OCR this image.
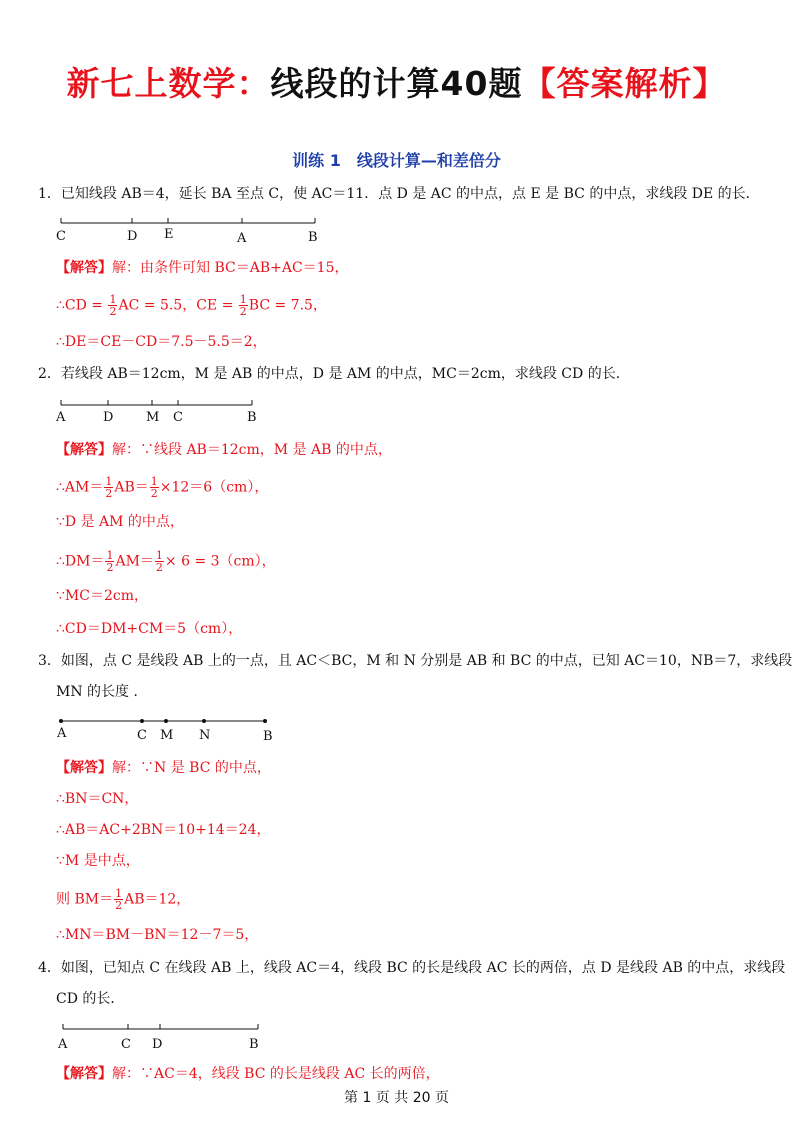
新七上数学：线段的计算40题【答案解析】
训练 1　线段计算—和差倍分
1．已知线段 AB＝4，延长 BA 至点 C，使 AC＝11．点 D 是 AC 的中点，点 E 是 BC 的中点，求线段 DE 的长．
C	D E	A	B
【解答】解：由条件可知 BC＝AB+AC＝15，
∴CD = $\frac{1}{2}$ AC = 5.5，CE = $\frac{1}{2}$ BC = 7.5，
∴DE＝CE－CD＝7.5－5.5＝2，
2．若线段 AB＝12cm，M 是 AB 的中点，D 是 AM 的中点，MC＝2cm，求线段 CD 的长．
A	D	M C	B
【解答】解：∵线段 AB＝12cm，M 是 AB 的中点，
∴AM＝ $\frac{1}{2} AB= \frac{1}{2} \times 12=6(cm)$，
∵D 是 AM 的中点，
∴DM＝ $\frac{1}{2} AM= \frac{1}{2} \times 6 = 3(cm)$，
∵MC＝2cm，
∴CD＝DM+CM＝5（cm），
3．如图，点 C 是线段 AB 上的一点，且 AC＜BC，M 和 N 分别是 AB 和 BC 的中点，已知 AC＝10，NB＝7，求线段
MN 的长度 ．
A	C M N	B
【解答】解：∵N 是 BC 的中点，
∴BN＝CN，
∴AB＝AC+2BN＝10+14＝24，
∵M 是中点，
则 $BM= \frac{1}{2} AB=12$，
∴MN＝BM－BN＝12－7＝5，
4．如图，已知点 C 在线段 AB 上，线段 AC＝4，线段 BC 的长是线段 AC 长的两倍，点 D 是线段 AB 的中点，求线段
CD 的长．
A	C D	B
【解答】解：∵AC＝4，线段 BC 的长是线段 AC 长的两倍，
第 1 页 共 20 页
